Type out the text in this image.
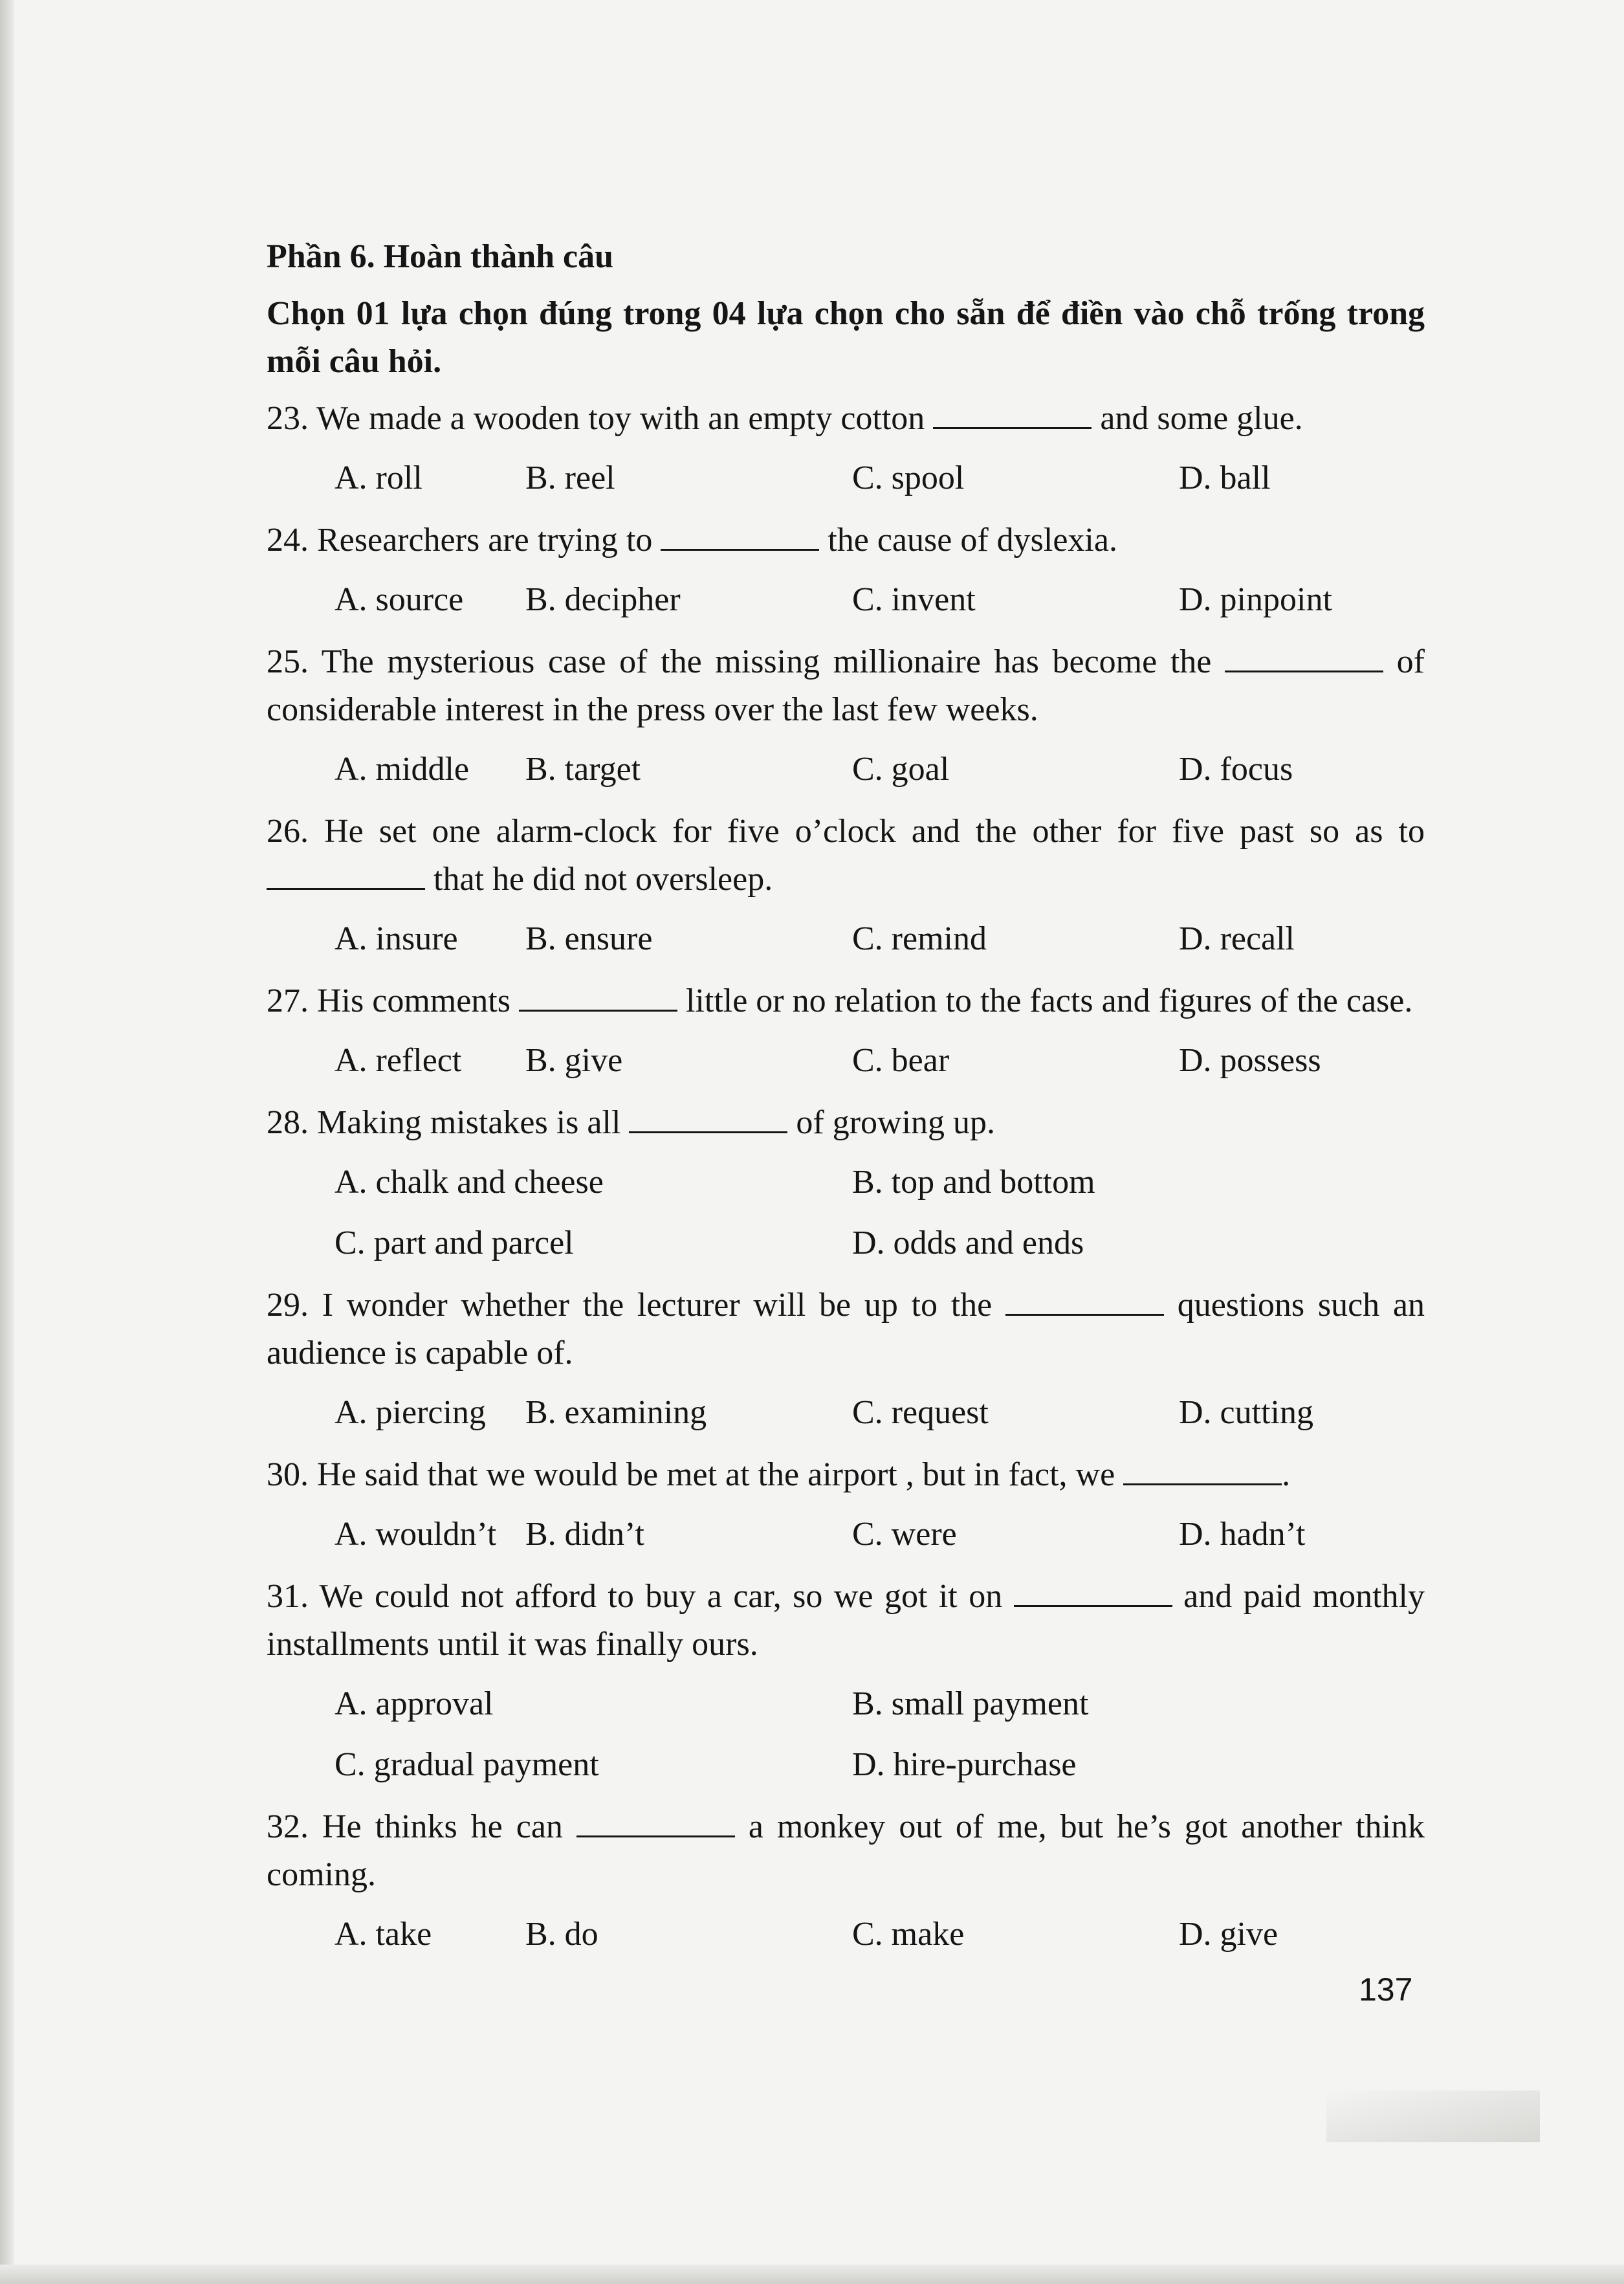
Phần 6. Hoàn thành câu

Chọn 01 lựa chọn đúng trong 04 lựa chọn cho sẵn để điền vào chỗ trống trong mỗi câu hỏi.

23. We made a wooden toy with an empty cotton	and some glue.

A. roll	B. reel	C. spool	D. ball

24. Researchers are trying to	the cause of dyslexia.

A. source	B. decipher	C. invent	D. pinpoint

25. The mysterious case of the missing millionaire has become the	of considerable interest in the press over the last few weeks.

A. middle	B. target	C. goal	D. focus

26. He set one alarm-clock for five o’clock and the other for five past so as to  that he did not oversleep.

A. insure	B. ensure	C. remind	D. recall

27. His comments	little or no relation to the facts and figures of the case.

A. reflect	B. give	C. bear	D. possess

28. Making mistakes is all	of growing up.

A. chalk and cheese	B. top and bottom
C. part and parcel	D. odds and ends

29. I wonder whether the lecturer will be up to the	questions such an audience is capable of.

A. piercing	B. examining	C. request	D. cutting

30. He said that we would be met at the airport , but in fact, we	.

A. wouldn’t B. didn’t	C. were	D. hadn’t

31. We could not afford to buy a car, so we got it on	and paid monthly installments until it was finally ours.

A. approval	B. small payment
C. gradual payment	D. hire-purchase

32. He thinks he can	a monkey out of me, but he’s got another think coming.

A. take	B. do	C. make	D. give
137
